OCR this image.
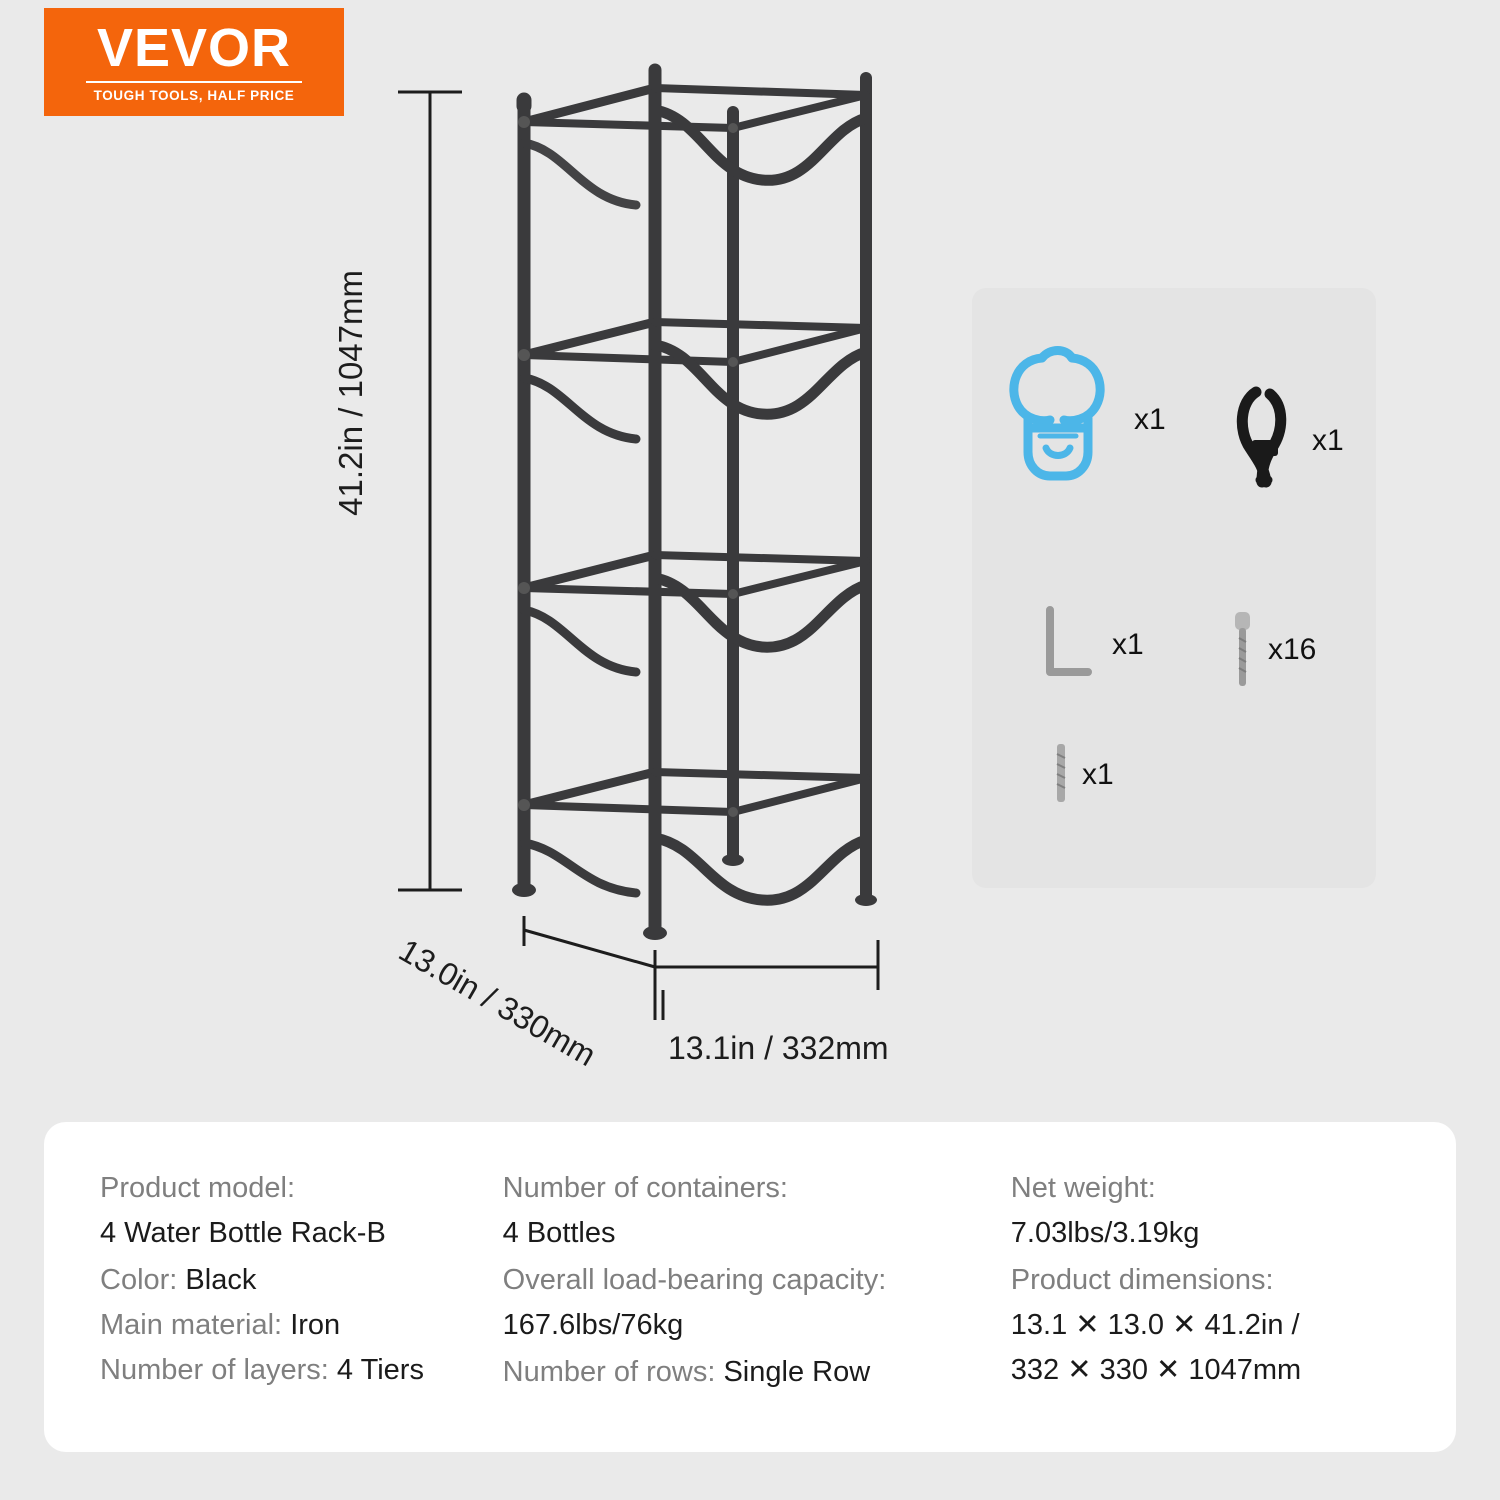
VEVOR
TOUGH TOOLS, HALF PRICE
41.2in / 1047mm
13.0in / 330mm 13.1in / 332mm
x1
x1
x1	x16
x1
Product model:
4 Water Bottle Rack-B
Color: Black
Main material: Iron
Number of layers: 4 Tiers
Number of containers:
4 Bottles
Overall load-bearing capacity:
167.6lbs/76kg
Number of rows: Single Row
Net weight:
7.03lbs/3.19kg
Product dimensions:
13.1 ✕ 13.0 ✕ 41.2in /
332 ✕ 330 ✕ 1047mm
